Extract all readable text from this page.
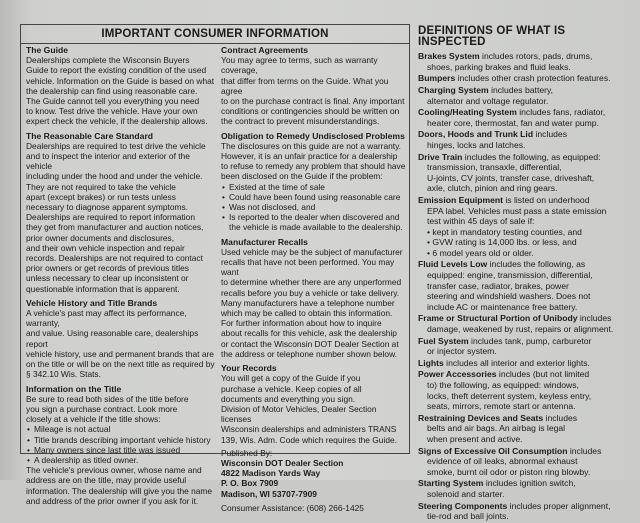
IMPORTANT CONSUMER INFORMATION
The Guide
Dealerships complete the Wisconsin Buyers
Guide to report the existing condition of the used
vehicle. Information on the Guide is based on what
the dealership can find using reasonable care.
The Guide cannot tell you everything you need
to know. Test drive the vehicle. Have your own
expert check the vehicle, if the dealership allows.
The Reasonable Care Standard
Dealerships are required to test drive the vehicle
and to inspect the interior and exterior of the vehicle
including under the hood and under the vehicle.
They are not required to take the vehicle
apart (except brakes) or run tests unless
necessary to diagnose apparent symptoms.
Dealerships are required to report information
they get from manufacturer and auction notices,
prior owner documents and disclosures,
and their own vehicle inspection and repair
records. Dealerships are not required to contact
prior owners or get records of previous titles
unless necessary to clear up inconsistent or
questionable information that is apparent.
Vehicle History and Title Brands
A vehicle's past may affect its performance, warranty,
and value. Using reasonable care, dealerships report
vehicle history, use and permanent brands that are
on the title or will be on the next title as required by
§ 342.10 Wis. Stats.
Information on the Title
Be sure to read both sides of the title before
you sign a purchase contract. Look more
closely at a vehicle if the title shows:
• Mileage is not actual
• Title brands describing important vehicle history
• Many owners since last title was issued
• A dealership as titled owner.
The vehicle's previous owner, whose name and
address are on the title, may provide useful
information. The dealership will give you the name
and address of the prior owner if you ask for it.
Contract Agreements
You may agree to terms, such as warranty coverage,
that differ from terms on the Guide. What you agree
to on the purchase contract is final. Any important
conditions or contingencies should be written on
the contract to prevent misunderstandings.
Obligation to Remedy Undisclosed Problems
The disclosures on this guide are not a warranty.
However, it is an unfair practice for a dealership
to refuse to remedy any problem that should have
been disclosed on the Guide if the problem:
• Existed at the time of sale
• Could have been found using reasonable care
• Was not disclosed, and
• Is reported to the dealer when discovered and the vehicle is made available to the dealership.
Manufacturer Recalls
Used vehicle may be the subject of manufacturer
recalls that have not been performed. You may want
to determine whether there are any unperformed
recalls before you buy a vehicle or take delivery.
Many manufacturers have a telephone number
which may be called to obtain this information.
For further information about how to inquire
about recalls for this vehicle, ask the dealership
or contact the Wisconsin DOT Dealer Section at
the address or telephone number shown below.
Your Records
You will get a copy of the Guide if you
purchase a vehicle. Keep copies of all
documents and everything you sign.
Division of Motor Vehicles, Dealer Section licenses
Wisconsin dealerships and administers TRANS
139, Wis. Adm. Code which requires the Guide.
Published By:
Wisconsin DOT Dealer Section
4822 Madison Yards Way
P. O. Box 7909
Madison, WI 53707-7909
Consumer Assistance: (608) 266-1425
DEFINITIONS OF WHAT IS INSPECTED
Brakes System includes rotors, pads, drums,
shoes, parking brakes and fluid leaks.
Bumpers includes other crash protection features.
Charging System includes battery,
alternator and voltage regulator.
Cooling/Heating System includes fans, radiator,
heater core, thermostat, fan and water pump.
Doors, Hoods and Trunk Lid includes
hinges, locks and latches.
Drive Train includes the following, as equipped:
transmission, transaxle, differential,
U-joints, CV joints, transfer case, driveshaft,
axle, clutch, pinion and ring gears.
Emission Equipment is listed on underhood
EPA label. Vehicles must pass a state emission
test within 45 days of sale if:
• kept in mandatory testing counties, and
• GVW rating is 14,000 lbs. or less, and
• 6 model years old or older.
Fluid Levels Low includes the following, as
equipped: engine, transmission, differential,
transfer case, radiator, brakes, power
steering and windshield washers. Does not
include AC or maintenance free battery.
Frame or Structural Portion of Unibody includes
damage, weakened by rust, repairs or alignment.
Fuel System includes tank, pump, carburetor
or injector system.
Lights includes all interior and exterior lights.
Power Accessories includes (but not limited
to) the following, as equipped: windows,
locks, theft deterrent system, keyless entry,
seats, mirrors, remote start or antenna.
Restraining Devices and Seats includes
belts and air bags. An airbag is legal
when present and active.
Signs of Excessive Oil Consumption includes
evidence of oil leaks, abnormal exhaust
smoke, burnt oil odor or piston ring blowby.
Starting System includes ignition switch,
solenoid and starter.
Steering Components includes proper alignment,
tie-rod and ball joints.
